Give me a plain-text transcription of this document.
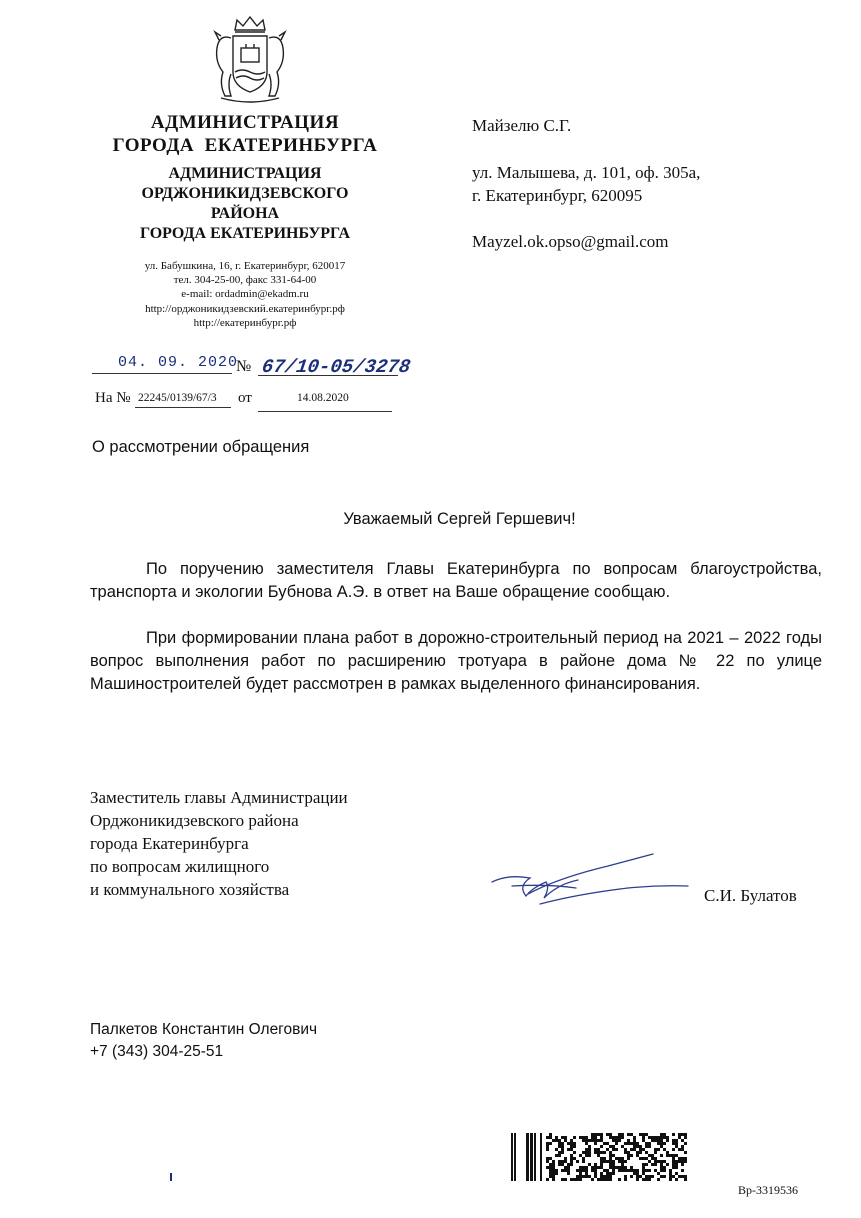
АДМИНИСТРАЦИЯ
ГОРОДА  ЕКАТЕРИНБУРГА
АДМИНИСТРАЦИЯ
ОРДЖОНИКИДЗЕВСКОГО
РАЙОНА
ГОРОДА ЕКАТЕРИНБУРГА
ул. Бабушкина, 16, г. Екатеринбург, 620017
тел. 304-25-00, факс 331-64-00
e-mail: ordadmin@ekadm.ru
http://орджоникидзевский.екатеринбург.рф
http://екатеринбург.рф
04. 09. 2020
№ 67/10-05/3278
На № 22245/0139/67/3 от	14.08.2020
Майзелю С.Г.
ул. Малышева, д. 101, оф. 305а,
г. Екатеринбург, 620095
Mayzel.ok.opso@gmail.com
О рассмотрении обращения
Уважаемый Сергей Гершевич!
По поручению заместителя Главы Екатеринбурга по вопросам благоустройства, транспорта и экологии Бубнова А.Э. в ответ на Ваше обращение сообщаю.
При формировании плана работ в дорожно-строительный период на 2021 – 2022 годы вопрос выполнения работ по расширению тротуара в районе дома № 22 по улице Машиностроителей будет рассмотрен в рамках выделенного финансирования.
Заместитель главы Администрации
Орджоникидзевского района
города Екатеринбурга
по вопросам жилищного
и коммунального хозяйства	С.И. Булатов
Палкетов Константин Олегович
+7 (343) 304-25-51
Вр-3319536
